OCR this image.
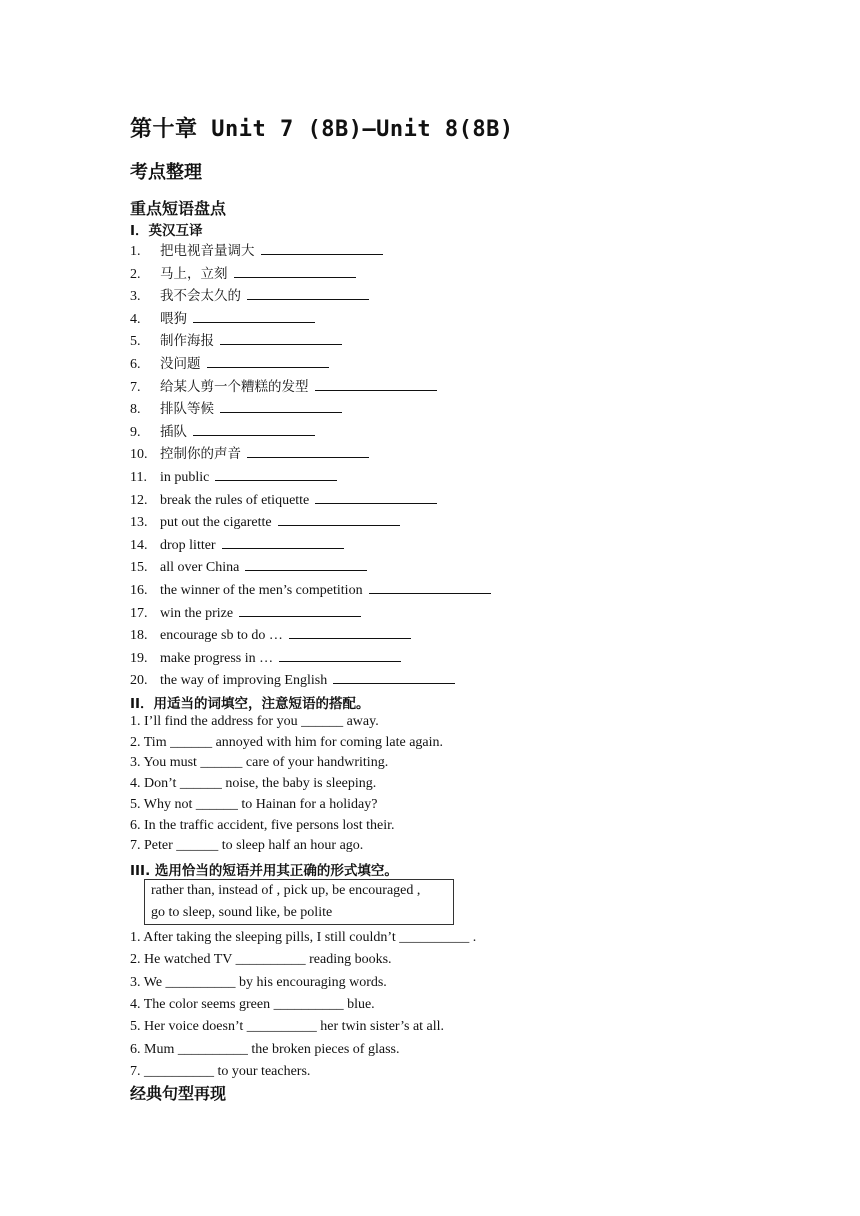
第十章 Unit 7 (8B)—Unit 8(8B)
考点整理
重点短语盘点
I．英汉互译
1. 把电视音量调大
2. 马上，立刻
3. 我不会太久的
4. 喂狗
5. 制作海报
6. 没问题
7. 给某人剪一个糟糕的发型
8. 排队等候
9. 插队
10. 控制你的声音
11. in public
12. break the rules of etiquette
13. put out the cigarette
14. drop litter
15. all over China
16. the winner of the men’s competition
17. win the prize
18. encourage sb to do …
19. make progress in …
20. the way of improving English
II．用适当的词填空，注意短语的搭配。
1. I’ll find the address for you ______ away.
2. Tim ______ annoyed with him for coming late again.
3. You must ______ care of your handwriting.
4. Don’t ______ noise, the baby is sleeping.
5. Why not ______ to Hainan for a holiday?
6. In the traffic accident, five persons lost their.
7. Peter ______ to sleep half an hour ago.
III. 选用恰当的短语并用其正确的形式填空。
rather than, instead of , pick up, be encouraged ,
go to sleep, sound like, be polite
1. After taking the sleeping pills, I still couldn’t __________ .
2. He watched TV __________ reading books.
3. We __________ by his encouraging words.
4. The color seems green __________ blue.
5. Her voice doesn’t __________ her twin sister’s at all.
6. Mum __________ the broken pieces of glass.
7. __________ to your teachers.
经典句型再现
